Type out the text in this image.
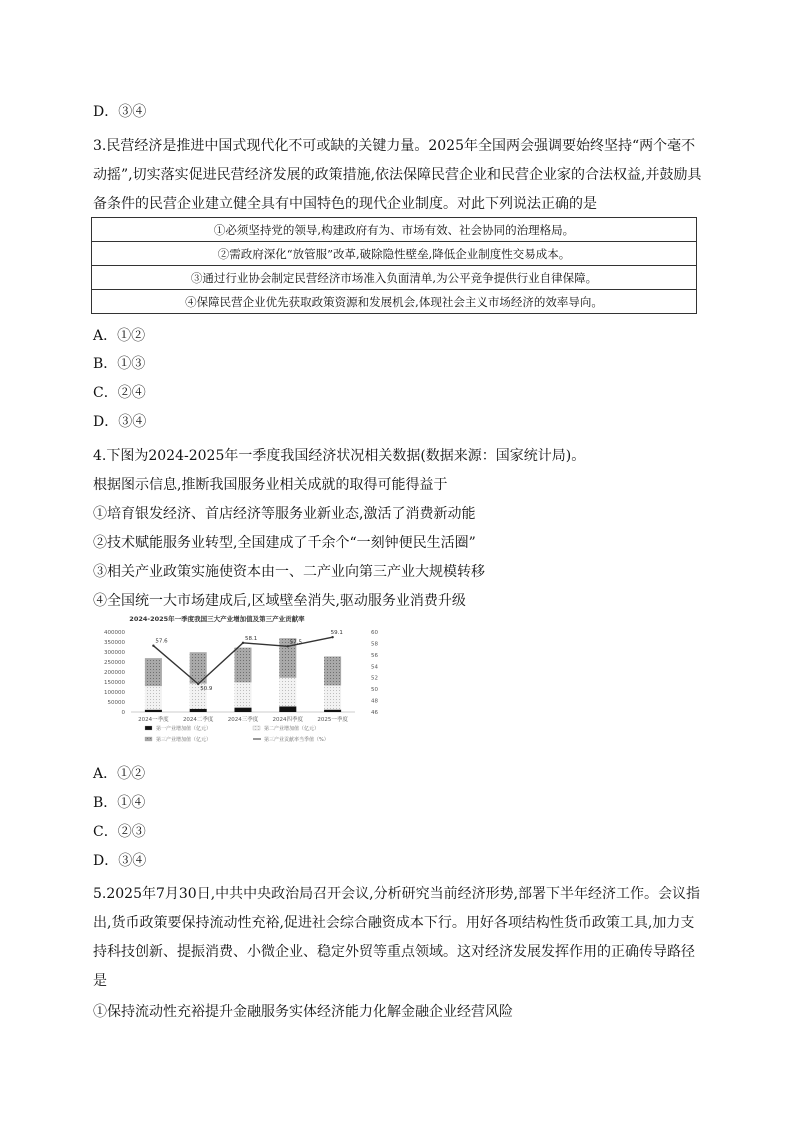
D．③④

3.民营经济是推进中国式现代化不可或缺的关键力量。2025年全国两会强调要始终坚持“两个毫不

动摇”,切实落实促进民营经济发展的政策措施,依法保障民营企业和民营企业家的合法权益,并鼓励具

备条件的民营企业建立健全具有中国特色的现代企业制度。对此下列说法正确的是

①必须坚持党的领导,构建政府有为、市场有效、社会协同的治理格局。
②需政府深化“放管服”改革,破除隐性壁垒,降低企业制度性交易成本。
③通过行业协会制定民营经济市场准入负面清单,为公平竞争提供行业自律保障。
④保障民营企业优先获取政策资源和发展机会,体现社会主义市场经济的效率导向。
A．①②
B．①③
C．②④
D．③④
4.下图为2024-2025年一季度我国经济状况相关数据(数据来源：国家统计局)。
根据图示信息,推断我国服务业相关成就的取得可能得益于
①培育银发经济、首店经济等服务业新业态,激活了消费新动能
②技术赋能服务业转型,全国建成了千余个“一刻钟便民生活圈”
③相关产业政策实施使资本由一、二产业向第三产业大规模转移
④全国统一大市场建成后,区域壁垒消失,驱动服务业消费升级
2024-2025年一季度我国三大产业增加值及第三产业贡献率
400000
350000
300000
250000
200000
150000
100000
50000
0
60
58
56
54
52
50
48
46
2024一季度	2024二季度	2024三季度	2024四季度	2025一季度
57.6
50.9
58.1
57.5
59.1
第一产业增加值（亿元）	第二产业增加值（亿元）
第三产业增加值（亿元）	第三产业贡献率当季值（%）
A．①②
B．①④
C．②③
D．③④

5.2025年7月30日,中共中央政治局召开会议,分析研究当前经济形势,部署下半年经济工作。会议指

出,货币政策要保持流动性充裕,促进社会综合融资成本下行。用好各项结构性货币政策工具,加力支

持科技创新、提振消费、小微企业、稳定外贸等重点领域。这对经济发展发挥作用的正确传导路径

是

①保持流动性充裕提升金融服务实体经济能力化解金融企业经营风险
